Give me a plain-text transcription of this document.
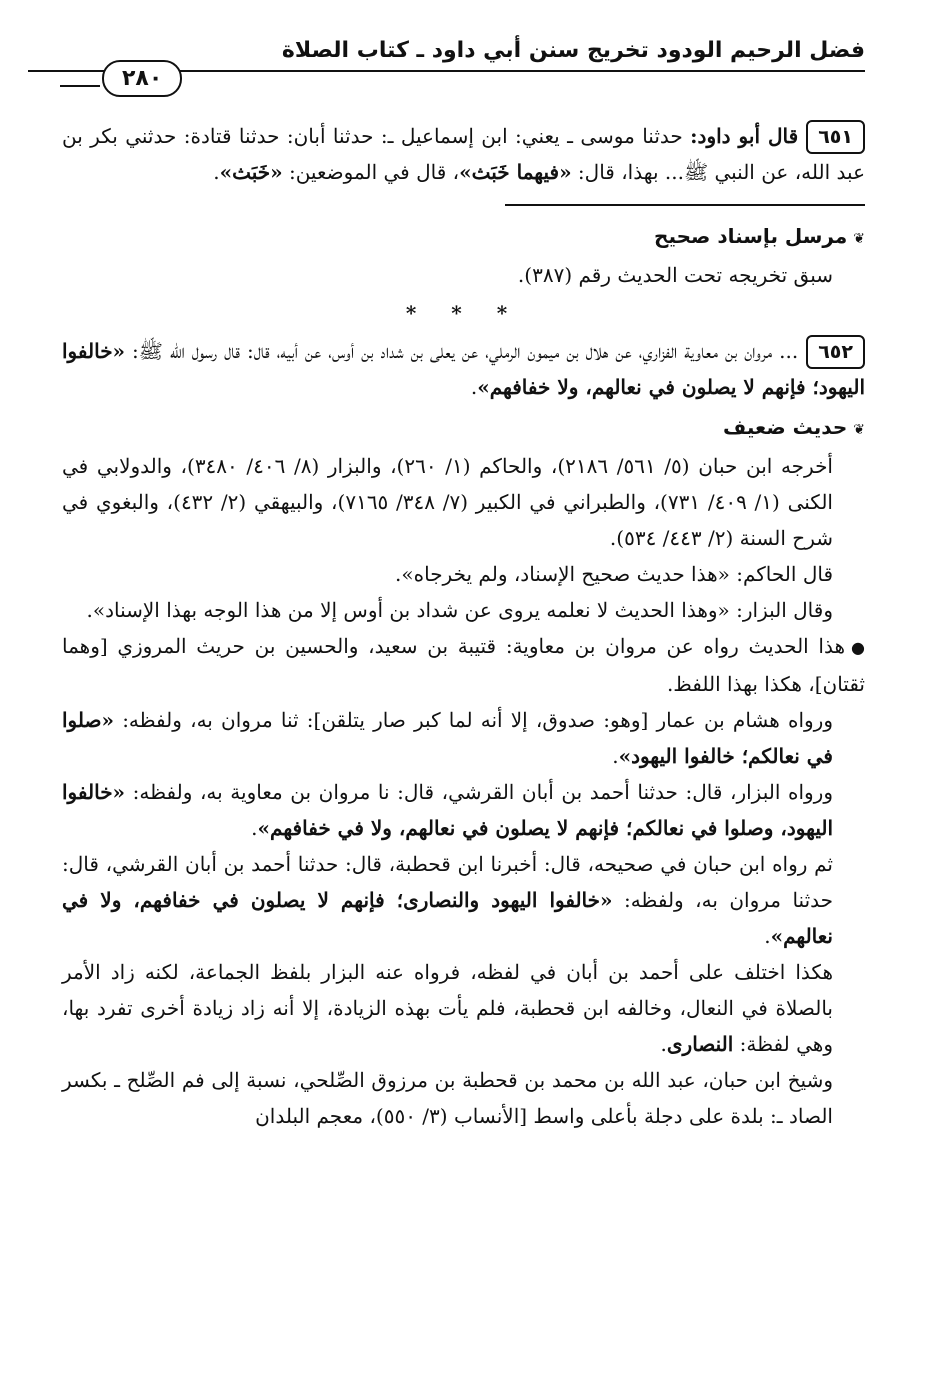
فضل الرحيم الودود تخريج سنن أبي داود ـ كتاب الصلاة
٢٨٠

٦٥١قال أبو داود: حدثنا موسى ـ يعني: ابن إسماعيل ـ: حدثنا أبان: حدثنا قتادة: حدثني بكر بن عبد الله، عن النبي ﷺ... بهذا، قال: «فيهما خَبَث»، قال في الموضعين: «خَبَث».

❦مرسل بإسناد صحيح

سبق تخريجه تحت الحديث رقم (٣٨٧).

* * *

٦٥٢... مروان بن معاوية الفزاري، عن هلال بن ميمون الرملي، عن يعلى بن شداد بن أوس، عن أبيه، قال: قال رسول الله ﷺ: «خالفوا اليهود؛ فإنهم لا يصلون في نعالهم، ولا خفافهم».

❦حديث ضعيف

أخرجه ابن حبان (٥/ ٥٦١/ ٢١٨٦)، والحاكم (١/ ٢٦٠)، والبزار (٨/ ٤٠٦/ ٣٤٨٠)، والدولابي في الكنى (١/ ٤٠٩/ ٧٣١)، والطبراني في الكبير (٧/ ٣٤٨/ ٧١٦٥)، والبيهقي (٢/ ٤٣٢)، والبغوي في شرح السنة (٢/ ٤٤٣/ ٥٣٤).

قال الحاكم: «هذا حديث صحيح الإسناد، ولم يخرجاه».

وقال البزار: «وهذا الحديث لا نعلمه يروى عن شداد بن أوس إلا من هذا الوجه بهذا الإسناد».

●هذا الحديث رواه عن مروان بن معاوية: قتيبة بن سعيد، والحسين بن حريث المروزي [وهما ثقتان]، هكذا بهذا اللفظ.

ورواه هشام بن عمار [وهو: صدوق، إلا أنه لما كبر صار يتلقن]: ثنا مروان به، ولفظه: «صلوا في نعالكم؛ خالفوا اليهود».

ورواه البزار، قال: حدثنا أحمد بن أبان القرشي، قال: نا مروان بن معاوية به، ولفظه: «خالفوا اليهود، وصلوا في نعالكم؛ فإنهم لا يصلون في نعالهم، ولا في خفافهم».

ثم رواه ابن حبان في صحيحه، قال: أخبرنا ابن قحطبة، قال: حدثنا أحمد بن أبان القرشي، قال: حدثنا مروان به، ولفظه: «خالفوا اليهود والنصارى؛ فإنهم لا يصلون في خفافهم، ولا في نعالهم».

هكذا اختلف على أحمد بن أبان في لفظه، فرواه عنه البزار بلفظ الجماعة، لكنه زاد الأمر بالصلاة في النعال، وخالفه ابن قحطبة، فلم يأت بهذه الزيادة، إلا أنه زاد زيادة أخرى تفرد بها، وهي لفظة: النصارى.

وشيخ ابن حبان، عبد الله بن محمد بن قحطبة بن مرزوق الصِّلحي، نسبة إلى فم الصِّلح ـ بكسر الصاد ـ: بلدة على دجلة بأعلى واسط [الأنساب (٣/ ٥٥٠)، معجم البلدان
